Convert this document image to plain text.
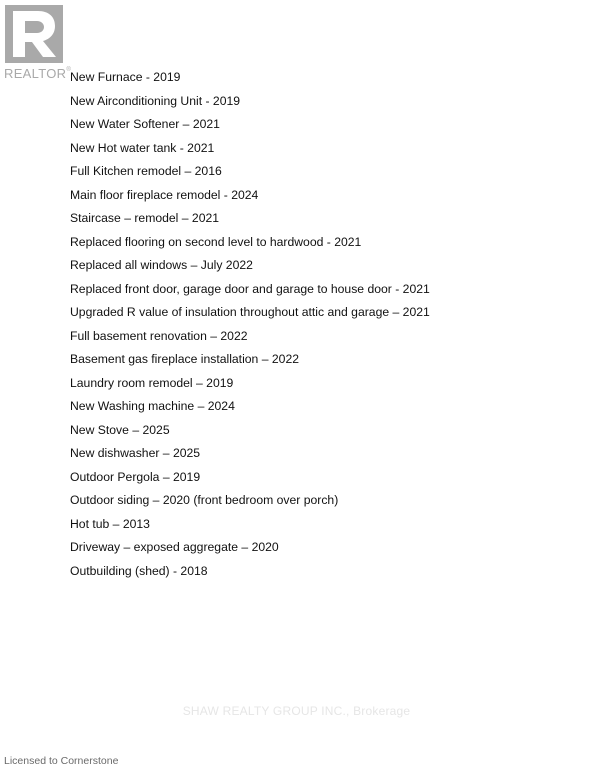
REALTOR®
New Furnace - 2019
New Airconditioning Unit - 2019
New Water Softener – 2021
New Hot water tank - 2021
Full Kitchen remodel – 2016
Main floor fireplace remodel - 2024
Staircase – remodel – 2021
Replaced flooring on second level to hardwood - 2021
Replaced all windows – July 2022
Replaced front door, garage door and garage to house door - 2021
Upgraded R value of insulation throughout attic and garage – 2021
Full basement renovation – 2022
Basement gas fireplace installation – 2022
Laundry room remodel – 2019
New Washing machine – 2024
New Stove – 2025
New dishwasher – 2025
Outdoor Pergola – 2019
Outdoor siding – 2020 (front bedroom over porch)
Hot tub – 2013
Driveway – exposed aggregate – 2020
Outbuilding (shed) - 2018
SHAW REALTY GROUP INC., Brokerage
Licensed to Cornerstone
